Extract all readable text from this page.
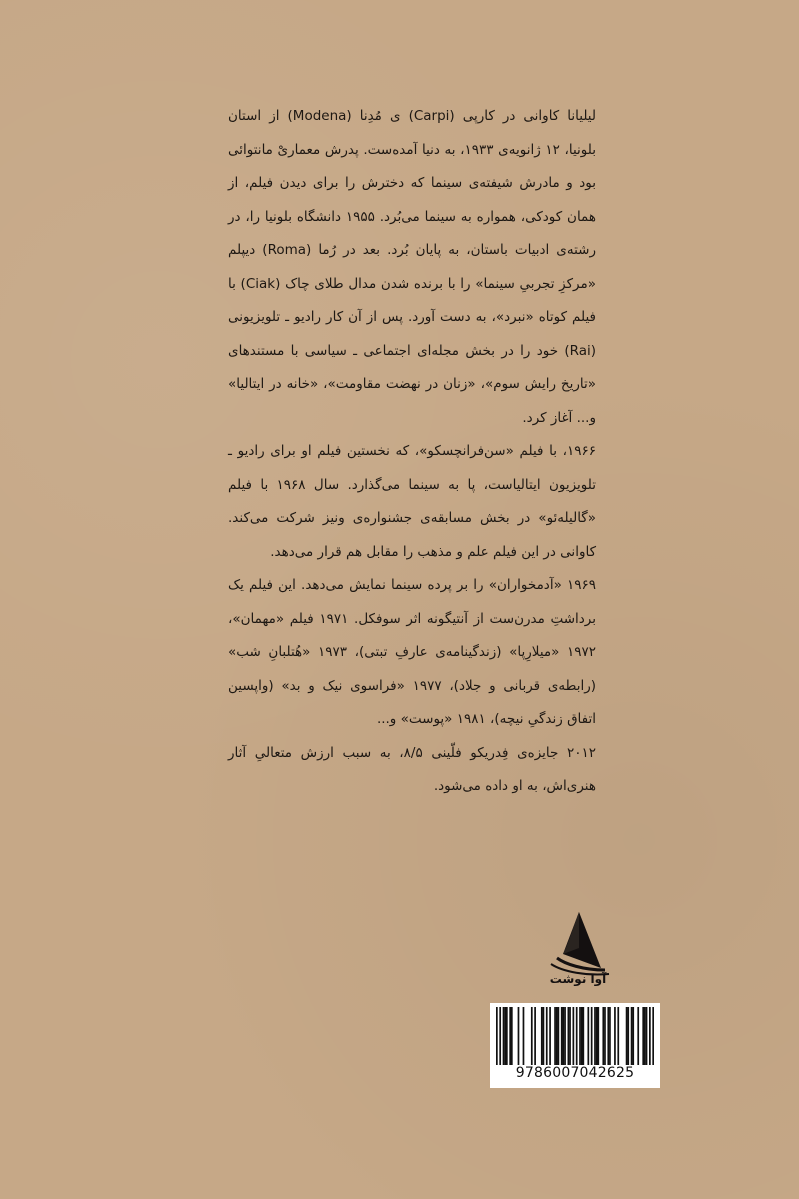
لیلیانا کاوانی در کارپی (Carpi) ی مُدِنا (Modena) از استان بلونیا، ۱۲ ژانویه‌ی ۱۹۳۳، به دنیا آمده‌ست. پدرش معماریْ مانتوائی بود و مادرش شیفته‌ی سینما که دخترش را برای دیدن فیلم، از همان کودکی، همواره به سینما می‌بُرد. ۱۹۵۵ دانشگاه بلونیا را، در رشته‌ی ادبیات باستان، به پایان بُرد. بعد در رُما (Roma) دیپلم «مرکزِ تجربیِ سینما» را با برنده شدن مدال طلای چاک (Ciak) با فیلم کوتاه «نبرد»، به دست آورد. پس از آن کار رادیو ـ تلویزیونی (Rai) خود را در بخش مجله‌ای اجتماعی ـ سیاسی با مستندهای «تاریخ رایش سوم»، «زنان در نهضت مقاومت»، «خانه در ایتالیا» و... آغاز کرد.

۱۹۶۶، با فیلم «سن‌فرانچسکو»، که نخستین فیلم او برای رادیو ـ تلویزیون ایتالیاست، پا به سینما می‌گذارد. سال ۱۹۶۸ با فیلم «گالیله‌ئو» در بخش مسابقه‌ی جشنواره‌ی ونیز شرکت می‌کند. کاوانی در این فیلم علم و مذهب را مقابل هم قرار می‌دهد.

۱۹۶۹ «آدمخواران» را بر پرده سینما نمایش می‌دهد. این فیلم یک برداشتِ مدرن‌ست از آنتیگونه اثر سوفکل. ۱۹۷۱ فیلم «مهمان»، ۱۹۷۲ «میلارِپا» (زندگینامه‌ی عارفِ تبتی)، ۱۹۷۳ «هُتلبانِ شب» (رابطه‌ی قربانی و جلاد)، ۱۹۷۷ «فراسوی نیک و بد» (واپسین اتفاق زندگیِ نیچه)، ۱۹۸۱ «پوست» و...

۲۰۱۲ جایزه‌ی فِدریکو فلّینی ۸/۵، به سبب ارزش متعالیِ آثار هنری‌اش، به او داده می‌شود.

آوا نوشت
9786007042625
